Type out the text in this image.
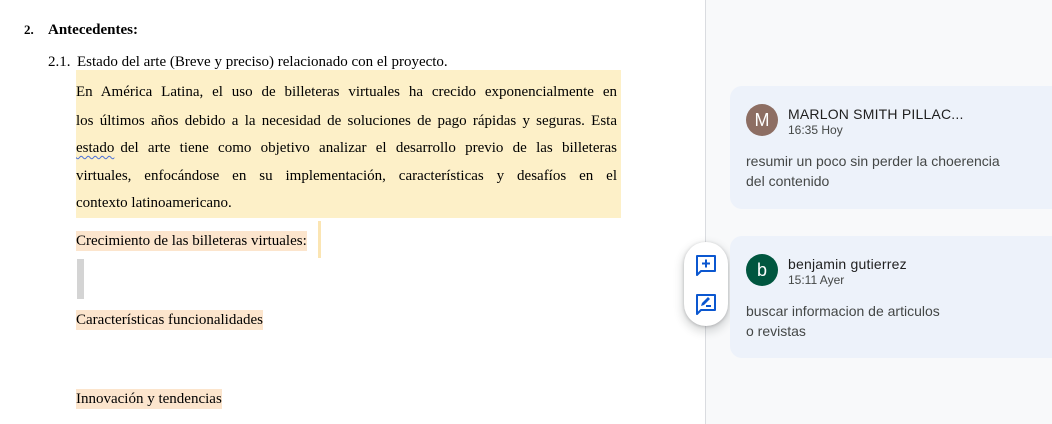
2. Antecedentes:
2.1. Estado del arte (Breve y preciso) relacionado con el proyecto.
En América Latina, el uso de billeteras virtuales ha crecido exponencialmente en
los últimos años debido a la necesidad de soluciones de pago rápidas y seguras. Esta
estado del arte tiene como objetivo analizar el desarrollo previo de las billeteras
virtuales, enfocándose en su implementación, características y desafíos en el
contexto latinoamericano.
Crecimiento de las billeteras virtuales:
Características funcionalidades
Innovación y tendencias
M MARLON SMITH PILLAC...
16:35 Hoy
resumir un poco sin perder la choerencia
del contenido
b benjamin gutierrez
15:11 Ayer
buscar informacion de articulos
o revistas
